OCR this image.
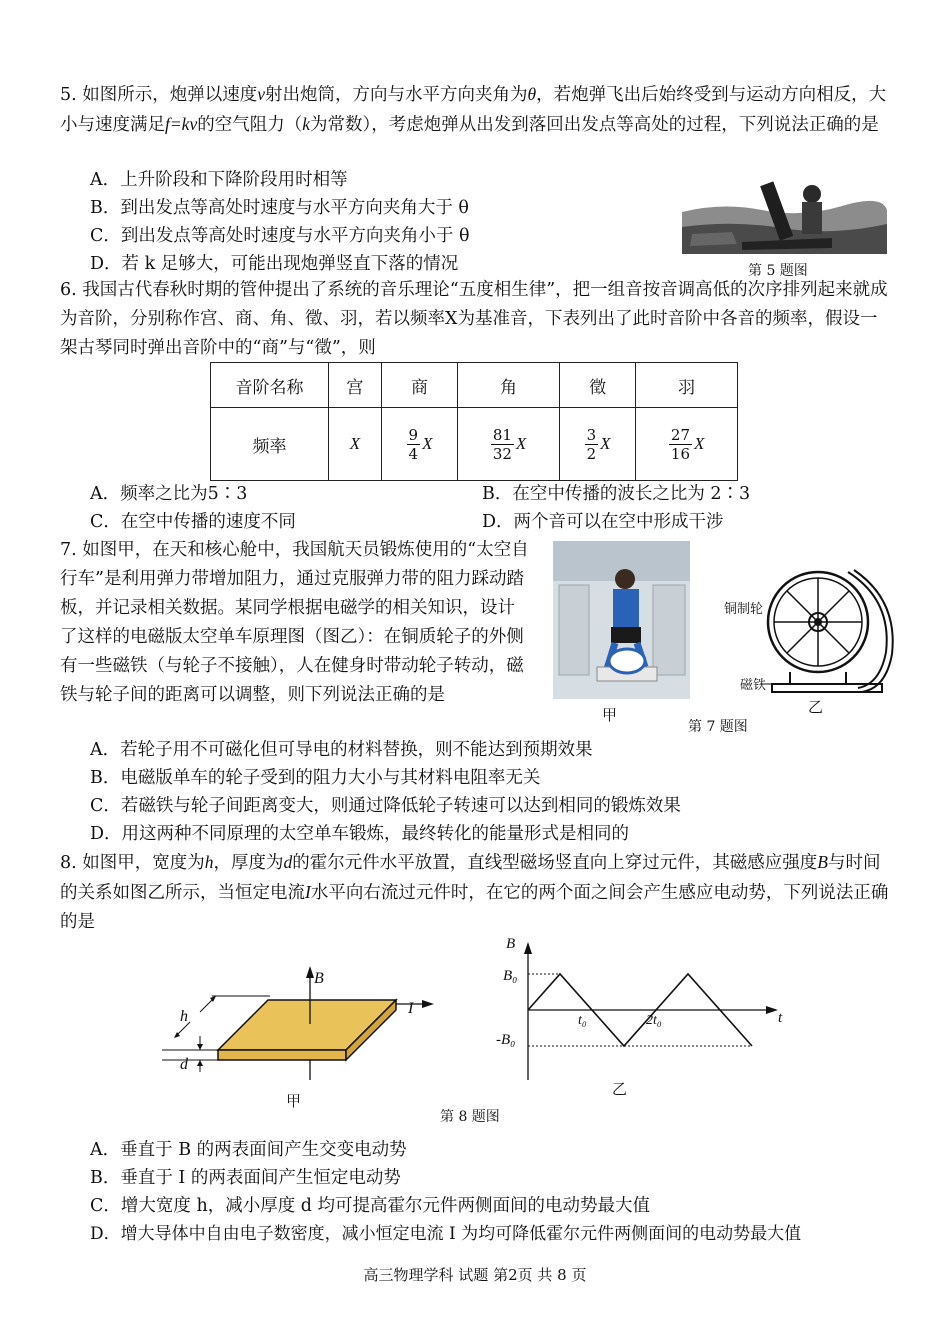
5. 如图所示，炮弹以速度v射出炮筒，方向与水平方向夹角为θ，若炮弹飞出后始终受到与运动方向相反，大小与速度满足f=kv的空气阻力（k为常数），考虑炮弹从出发到落回出发点等高处的过程，下列说法正确的是

A．上升阶段和下降阶段用时相等
B．到出发点等高处时速度与水平方向夹角大于 θ
C．到出发点等高处时速度与水平方向夹角小于 θ
D．若 k 足够大，可能出现炮弹竖直下落的情况	第 5 题图

6. 我国古代春秋时期的管仲提出了系统的音乐理论“五度相生律”，把一组音按音调高低的次序排列起来就成为音阶，分别称作宫、商、角、徵、羽，若以频率X为基准音，下表列出了此时音阶中各音的频率，假设一架古琴同时弹出音阶中的“商”与“徵”，则

音阶名称	宫	商	角	徵	羽
频率	X	$\frac{9}{4}$ X	$\frac{81}{32}$ X	$\frac{3}{2}$ X	$\frac{27}{16}$ X
A．频率之比为5∶3	B．在空中传播的波长之比为 2∶3
C．在空中传播的速度不同	D．两个音可以在空中形成干涉

7. 如图甲，在天和核心舱中，我国航天员锻炼使用的“太空自行车”是利用弹力带增加阻力，通过克服弹力带的阻力踩动踏板，并记录相关数据。某同学根据电磁学的相关知识，设计了这样的电磁版太空单车原理图（图乙）：在铜质轮子的外侧有一些磁铁（与轮子不接触），人在健身时带动轮子转动，磁铁与轮子间的距离可以调整，则下列说法正确的是

甲
铜制轮
磁铁
乙
第 7 题图
A．若轮子用不可磁化但可导电的材料替换，则不能达到预期效果
B．电磁版单车的轮子受到的阻力大小与其材料电阻率无关
C．若磁铁与轮子间距离变大，则通过降低轮子转速可以达到相同的锻炼效果
D．用这两种不同原理的太空单车锻炼，最终转化的能量形式是相同的

8. 如图甲，宽度为h，厚度为d的霍尔元件水平放置，直线型磁场竖直向上穿过元件，其磁感应强度B与时间的关系如图乙所示，当恒定电流I水平向右流过元件时，在它的两个面之间会产生感应电动势，下列说法正确的是

B
I
h
d
甲
B
t
B₀
-B₀
t₀	2t₀
乙
第 8 题图
A．垂直于 B 的两表面间产生交变电动势
B．垂直于 I 的两表面间产生恒定电动势
C．增大宽度 h，减小厚度 d 均可提高霍尔元件两侧面间的电动势最大值
D．增大导体中自由电子数密度，减小恒定电流 I 为均可降低霍尔元件两侧面间的电动势最大值
高三物理学科 试题 第2页 共 8 页
